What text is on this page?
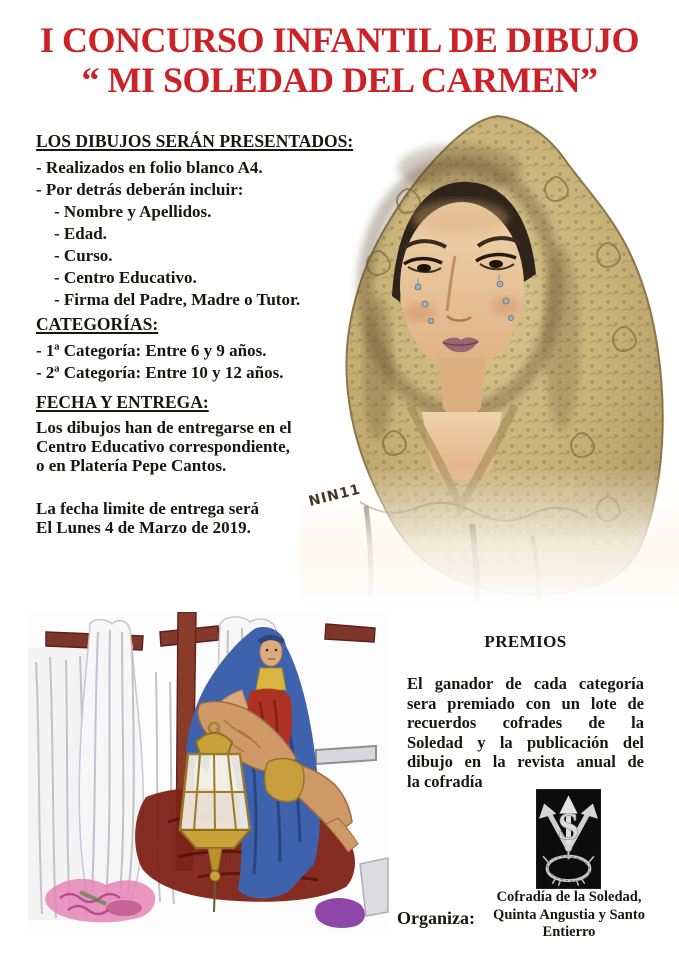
I CONCURSO INFANTIL DE DIBUJO
“ MI SOLEDAD DEL CARMEN”
NIN11
LOS DIBUJOS SERÁN PRESENTADOS:
- Realizados en folio blanco A4.
- Por detrás deberán incluir:
- Nombre y Apellidos.
- Edad.
- Curso.
- Centro Educativo.
- Firma del Padre, Madre o Tutor.
CATEGORÍAS:
- 1ª Categoría: Entre 6 y 9 años.
- 2ª Categoría: Entre 10 y 12 años.
FECHA Y ENTREGA:
Los dibujos han de entregarse en el
Centro Educativo correspondiente,
o en Platería Pepe Cantos.
La fecha limite de entrega será
El Lunes 4 de Marzo de 2019.
PREMIOS
El ganador de cada categoría
sera premiado con un lote de
recuerdos cofrades de la
Soledad y la publicación del
dibujo en la revista anual de
la cofradía
S
Organiza:
Cofradía de la Soledad,
Quinta Angustia y Santo
Entierro
